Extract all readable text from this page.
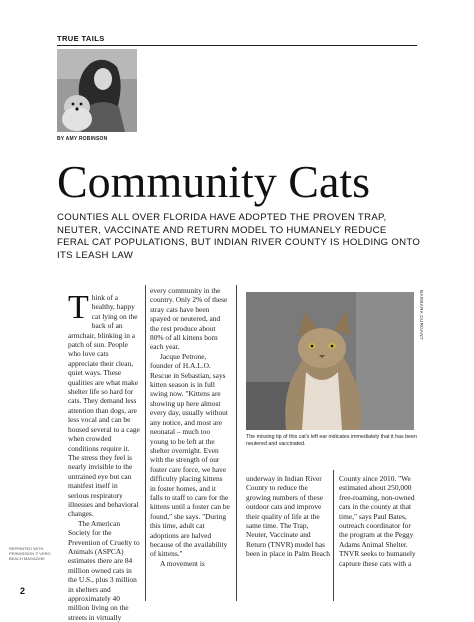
TRUE TAILS
BY AMY ROBINSON
Community Cats
COUNTIES ALL OVER FLORIDA HAVE ADOPTED THE PROVEN TRAP, NEUTER, VACCINATE AND RETURN MODEL TO HUMANELY REDUCE FERAL CAT POPULATIONS, BUT INDIAN RIVER COUNTY IS HOLDING ONTO ITS LEASH LAW
T hink of a healthy, happy cat lying on the back of an armchair, blinking in a patch of sun. People who love cats appreciate their clean, quiet ways. These qualities are what make shelter life so hard for cats. They demand less attention than dogs, are less vocal and can be housed several to a cage when crowded conditions require it. The stress they feel is nearly invisible to the untrained eye but can manifest itself in serious respiratory illnesses and behavioral changes.

The American Society for the Prevention of Cruelty to Animals (ASPCA) estimates there are 84 million owned cats in the U.S., plus 3 million in shelters and approximately 40 million living on the streets in virtually

every community in the country. Only 2% of these stray cats have been spayed or neutered, and the rest produce about 80% of all kittens born each year.

Jacque Petrone, founder of H.A.L.O. Rescue in Sebastian, says kitten season is in full swing now. "Kittens are showing up here almost every day, usually without any notice, and most are neonatal – much too young to be left at the shelter overnight. Even with the strength of our foster care force, we have difficulty placing kittens in foster homes, and it falls to staff to care for the kittens until a foster can be found," she says. "During this time, adult cat adoptions are halved because of the availability of kittens."

A movement is

BARBARA DURDANT
The missing tip of this cat's left ear indicates immediately that it has been neutered and vaccinated.

underway in Indian River County to reduce the growing numbers of these outdoor cats and improve their quality of life at the same time. The Trap, Neuter, Vaccinate and Return (TNVR) model has been in place in Palm Beach

County since 2010. "We estimated about 250,000 free-roaming, non-owned cats in the county at that time," says Paul Bates, outreach coordinator for the program at the Peggy Adams Animal Shelter. TNVR seeks to humanely capture these cats with a

REPRINTED WITH PERMISSION © VERO BEACH MAGAZINE
2
